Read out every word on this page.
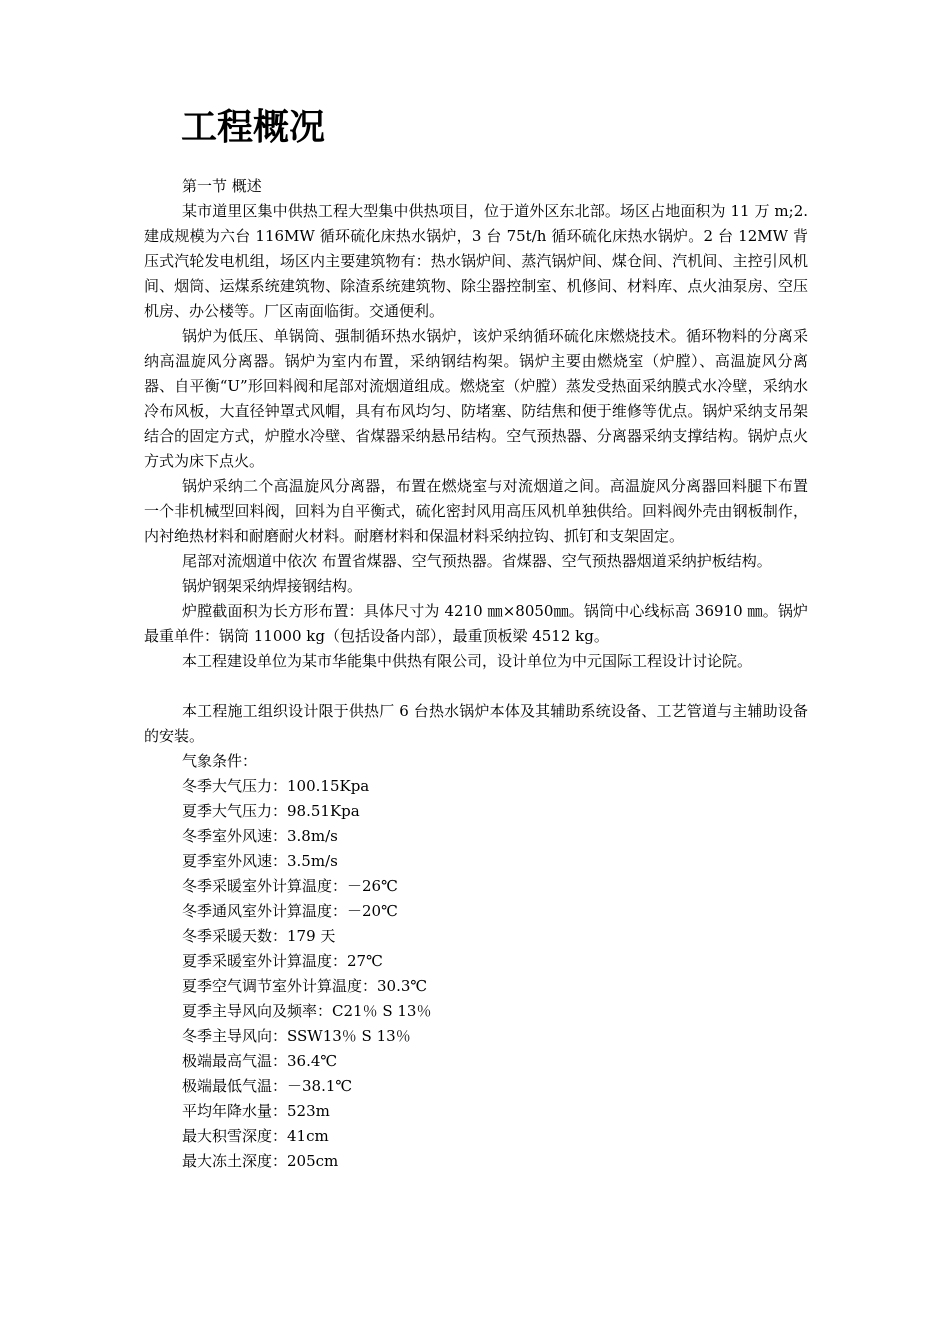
工程概况

第一节 概述

某市道里区集中供热工程大型集中供热项目，位于道外区东北部。场区占地面积为 11 万 m;2.建成规模为六台 116MW 循环硫化床热水锅炉，3 台 75t/h 循环硫化床热水锅炉。2 台 12MW 背压式汽轮发电机组，场区内主要建筑物有：热水锅炉间、蒸汽锅炉间、煤仓间、汽机间、主控引风机间、烟筒、运煤系统建筑物、除渣系统建筑物、除尘器控制室、机修间、材料库、点火油泵房、空压机房、办公楼等。厂区南面临街。交通便利。

锅炉为低压、单锅筒、强制循环热水锅炉，该炉采纳循环硫化床燃烧技术。循环物料的分离采纳高温旋风分离器。锅炉为室内布置，采纳钢结构架。锅炉主要由燃烧室（炉膛）、高温旋风分离器、自平衡“U”形回料阀和尾部对流烟道组成。燃烧室（炉膛）蒸发受热面采纳膜式水冷壁，采纳水冷布风板，大直径钟罩式风帽，具有布风均匀、防堵塞、防结焦和便于维修等优点。锅炉采纳支吊架结合的固定方式，炉膛水冷壁、省煤器采纳悬吊结构。空气预热器、分离器采纳支撑结构。锅炉点火方式为床下点火。

锅炉采纳二个高温旋风分离器，布置在燃烧室与对流烟道之间。高温旋风分离器回料腿下布置一个非机械型回料阀，回料为自平衡式，硫化密封风用高压风机单独供给。回料阀外壳由钢板制作，内衬绝热材料和耐磨耐火材料。耐磨材料和保温材料采纳拉钩、抓钉和支架固定。

尾部对流烟道中依次 布置省煤器、空气预热器。省煤器、空气预热器烟道采纳护板结构。

锅炉钢架采纳焊接钢结构。

炉膛截面积为长方形布置：具体尺寸为 4210 ㎜×8050㎜。锅筒中心线标高 36910 ㎜。锅炉最重单件：锅筒 11000 kg（包括设备内部），最重顶板梁 4512 kg。

本工程建设单位为某市华能集中供热有限公司，设计单位为中元国际工程设计讨论院。

本工程施工组织设计限于供热厂 6 台热水锅炉本体及其辅助系统设备、工艺管道与主辅助设备的安装。

气象条件：

冬季大气压力：100.15Kpa

夏季大气压力：98.51Kpa

冬季室外风速：3.8m/s

夏季室外风速：3.5m/s

冬季采暖室外计算温度：－26℃

冬季通风室外计算温度：－20℃

冬季采暖天数：179 天

夏季采暖室外计算温度：27℃

夏季空气调节室外计算温度：30.3℃

夏季主导风向及频率：C21％ S 13％

冬季主导风向：SSW13％ S 13％

极端最高气温：36.4℃

极端最低气温：－38.1℃

平均年降水量：523m

最大积雪深度：41cm

最大冻土深度：205cm
